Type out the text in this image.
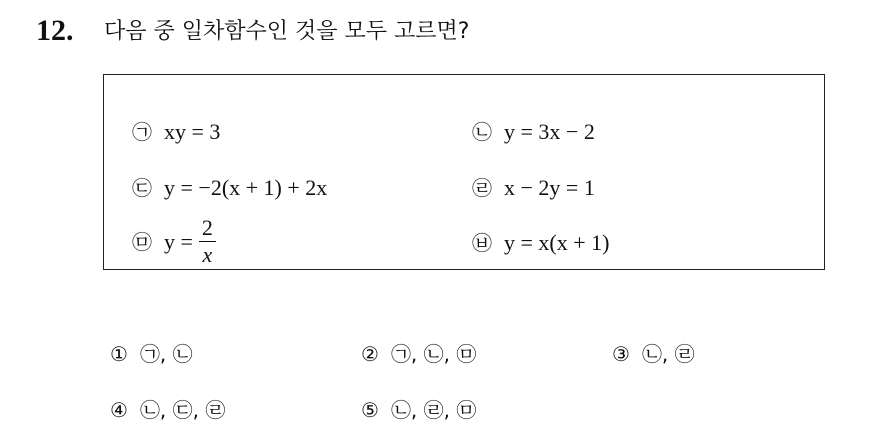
12. 다음 중 일차함수인 것을 모두 고르면?
㉠ xy = 3	㉡ y = 3x − 2
㉢ y = −2(x + 1) + 2x	㉣ x − 2y = 1
㉤ $y = \frac{2}{x}$	㉥ y = x(x + 1)
① ㉠, ㉡	② ㉠, ㉡, ㉤	③ ㉡, ㉣
④ ㉡, ㉢, ㉣	⑤ ㉡, ㉣, ㉤
